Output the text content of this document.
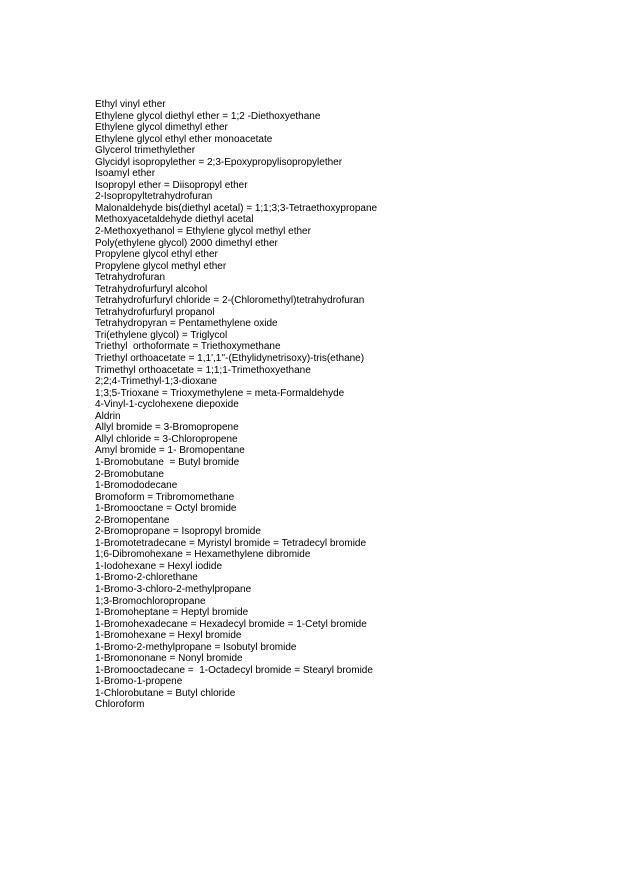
Ethyl vinyl ether
Ethylene glycol diethyl ether = 1;2 -Diethoxyethane
Ethylene glycol dimethyl ether
Ethylene glycol ethyl ether monoacetate
Glycerol trimethylether
Glycidyl isopropylether = 2;3-Epoxypropylisopropylether
Isoamyl ether
Isopropyl ether = Diisopropyl ether
2-Isopropyltetrahydrofuran
Malonaldehyde bis(diethyl acetal) = 1;1;3;3-Tetraethoxypropane
Methoxyacetaldehyde diethyl acetal
2-Methoxyethanol = Ethylene glycol methyl ether
Poly(ethylene glycol) 2000 dimethyl ether
Propylene glycol ethyl ether
Propylene glycol methyl ether
Tetrahydrofuran
Tetrahydrofurfuryl alcohol
Tetrahydrofurfuryl chloride = 2-(Chloromethyl)tetrahydrofuran
Tetrahydrofurfuryl propanol
Tetrahydropyran = Pentamethylene oxide
Tri(ethylene glycol) = Triglycol
Triethyl  orthoformate = Triethoxymethane
Triethyl orthoacetate = 1,1',1''-(Ethylidynetrisoxy)-tris(ethane)
Trimethyl orthoacetate = 1;1;1-Trimethoxyethane
2;2;4-Trimethyl-1;3-dioxane
1;3;5-Trioxane = Trioxymethylene = meta-Formaldehyde
4-Vinyl-1-cyclohexene diepoxide
Aldrin
Allyl bromide = 3-Bromopropene
Allyl chloride = 3-Chloropropene
Amyl bromide = 1- Bromopentane
1-Bromobutane  = Butyl bromide
2-Bromobutane
1-Bromododecane
Bromoform = Tribromomethane
1-Bromooctane = Octyl bromide
2-Bromopentane
2-Bromopropane = Isopropyl bromide
1-Bromotetradecane = Myristyl bromide = Tetradecyl bromide
1;6-Dibromohexane = Hexamethylene dibromide
1-Iodohexane = Hexyl iodide
1-Bromo-2-chlorethane
1-Bromo-3-chloro-2-methylpropane
1;3-Bromochloropropane
1-Bromoheptane = Heptyl bromide
1-Bromohexadecane = Hexadecyl bromide = 1-Cetyl bromide
1-Bromohexane = Hexyl bromide
1-Bromo-2-methylpropane = Isobutyl bromide
1-Bromononane = Nonyl bromide
1-Bromooctadecane =  1-Octadecyl bromide = Stearyl bromide
1-Bromo-1-propene
1-Chlorobutane = Butyl chloride
Chloroform
